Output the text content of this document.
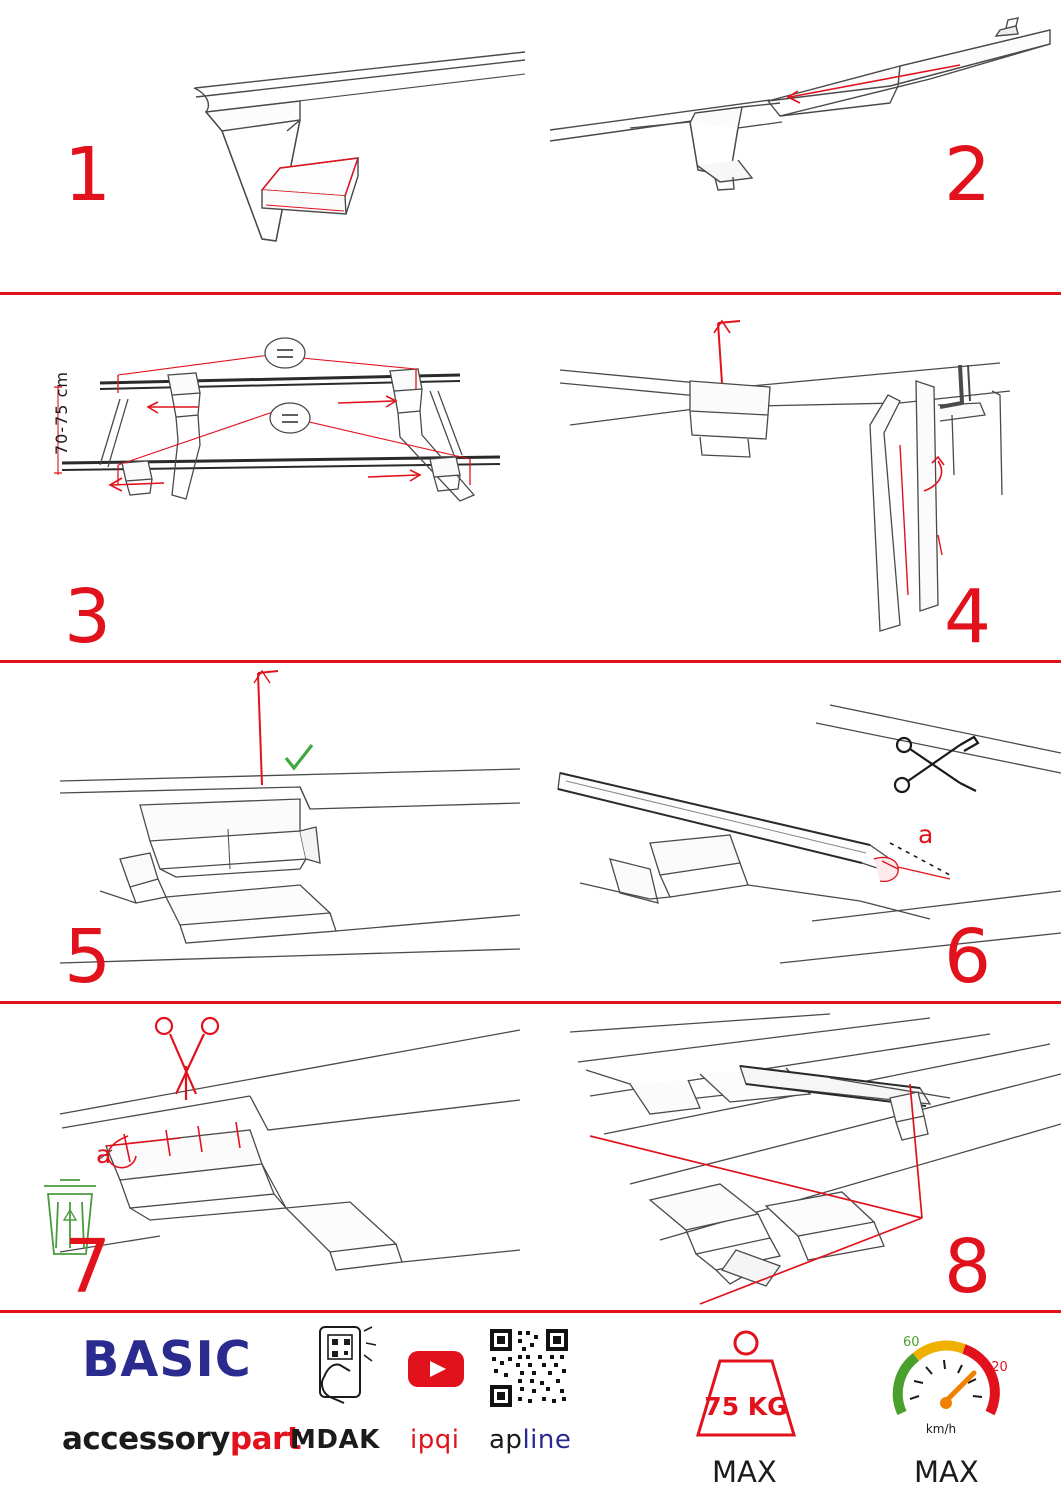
1	2
70-75 cm
3	4
5
a
6
a
7	8
BASIC
accessorypart
MDAK ipqi apline
75 KG
MAX
60
120
km/h
MAX
